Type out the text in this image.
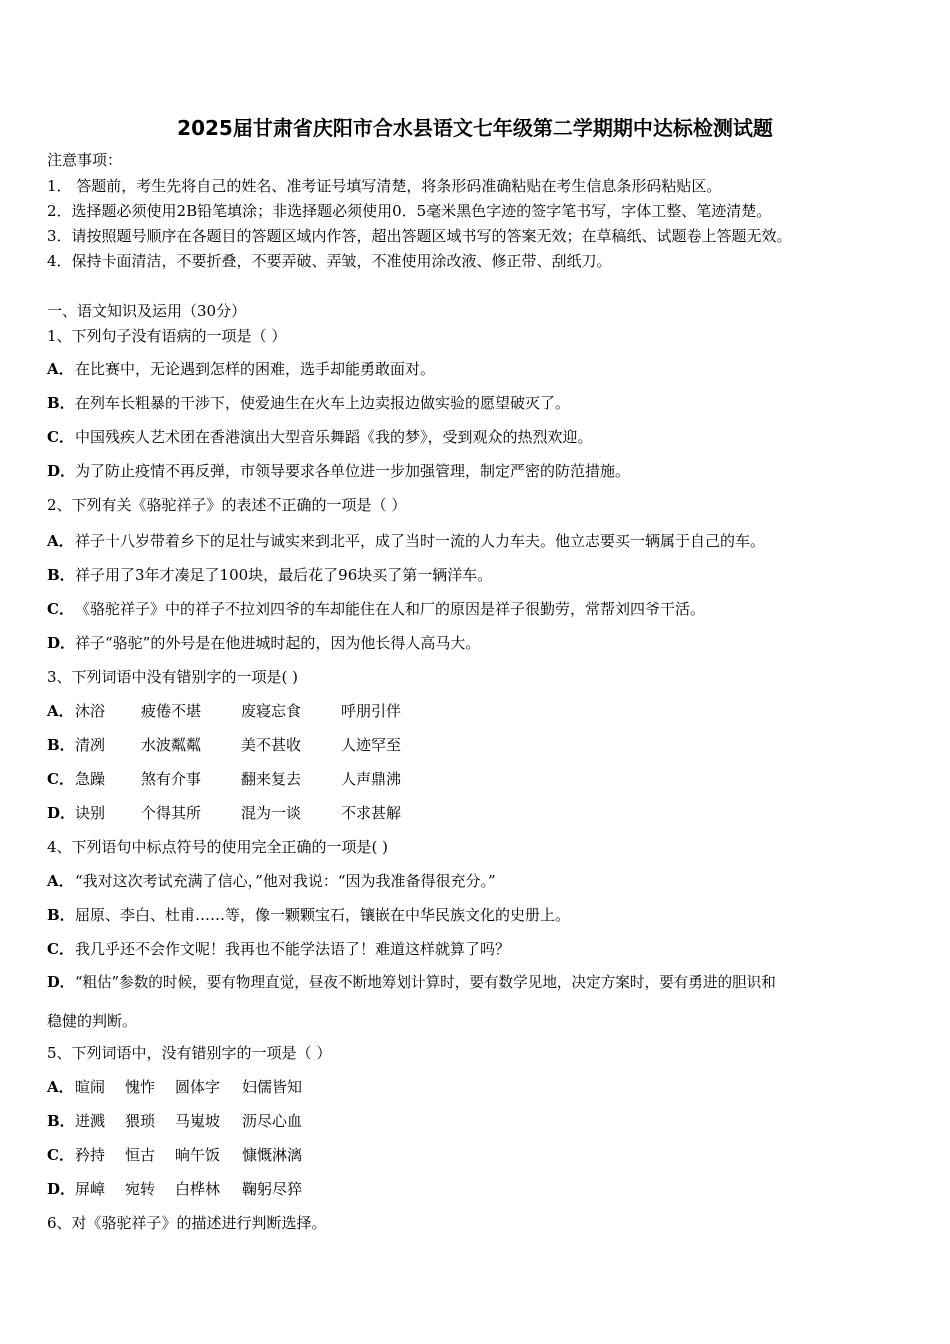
2025届甘肃省庆阳市合水县语文七年级第二学期期中达标检测试题
注意事项：
1． 答题前，考生先将自己的姓名、准考证号填写清楚，将条形码准确粘贴在考生信息条形码粘贴区。
2．选择题必须使用2B铅笔填涂；非选择题必须使用0．5毫米黑色字迹的签字笔书写，字体工整、笔迹清楚。
3．请按照题号顺序在各题目的答题区域内作答，超出答题区域书写的答案无效；在草稿纸、试题卷上答题无效。
4．保持卡面清洁，不要折叠，不要弄破、弄皱，不准使用涂改液、修正带、刮纸刀。
一、语文知识及运用（30分）
1、下列句子没有语病的一项是（ ）
A．在比赛中，无论遇到怎样的困难，选手却能勇敢面对。
B．在列车长粗暴的干涉下，使爱迪生在火车上边卖报边做实验的愿望破灭了。
C．中国残疾人艺术团在香港演出大型音乐舞蹈《我的梦》，受到观众的热烈欢迎。
D．为了防止疫情不再反弹，市领导要求各单位进一步加强管理，制定严密的防范措施。
2、下列有关《骆驼祥子》的表述不正确的一项是（ ）
A．祥子十八岁带着乡下的足壮与诚实来到北平，成了当时一流的人力车夫。他立志要买一辆属于自己的车。
B．祥子用了3年才凑足了100块，最后花了96块买了第一辆洋车。
C．《骆驼祥子》中的祥子不拉刘四爷的车却能住在人和厂的原因是祥子很勤劳，常帮刘四爷干活。
D．祥子“骆驼”的外号是在他进城时起的，因为他长得人高马大。
3、下列词语中没有错别字的一项是( )
A．沐浴 疲倦不堪	废寝忘食	呼朋引伴
B．清冽 水波粼粼	美不甚收	人迹罕至
C．急躁 煞有介事	翻来复去	人声鼎沸
D．诀别 个得其所	混为一谈	不求甚解
4、下列语句中标点符号的使用完全正确的一项是( )
A．“我对这次考试充满了信心，”他对我说：“因为我准备得很充分。”
B．屈原、李白、杜甫……等，像一颗颗宝石，镶嵌在中华民族文化的史册上。
C．我几乎还不会作文呢！我再也不能学法语了！难道这样就算了吗？
D．“粗估”参数的时候，要有物理直觉，昼夜不断地筹划计算时，要有数学见地，决定方案时，要有勇进的胆识和
稳健的判断。
5、下列词语中，没有错别字的一项是（ ）
A．暄闹 愧怍 圆体字 妇儒皆知
B．迸溅 猥琐 马嵬坡 沥尽心血
C．矜持 恒古 晌午饭 慷慨淋漓
D．屏嶂 宛转 白桦林 鞠躬尽猝
6、对《骆驼祥子》的描述进行判断选择。
